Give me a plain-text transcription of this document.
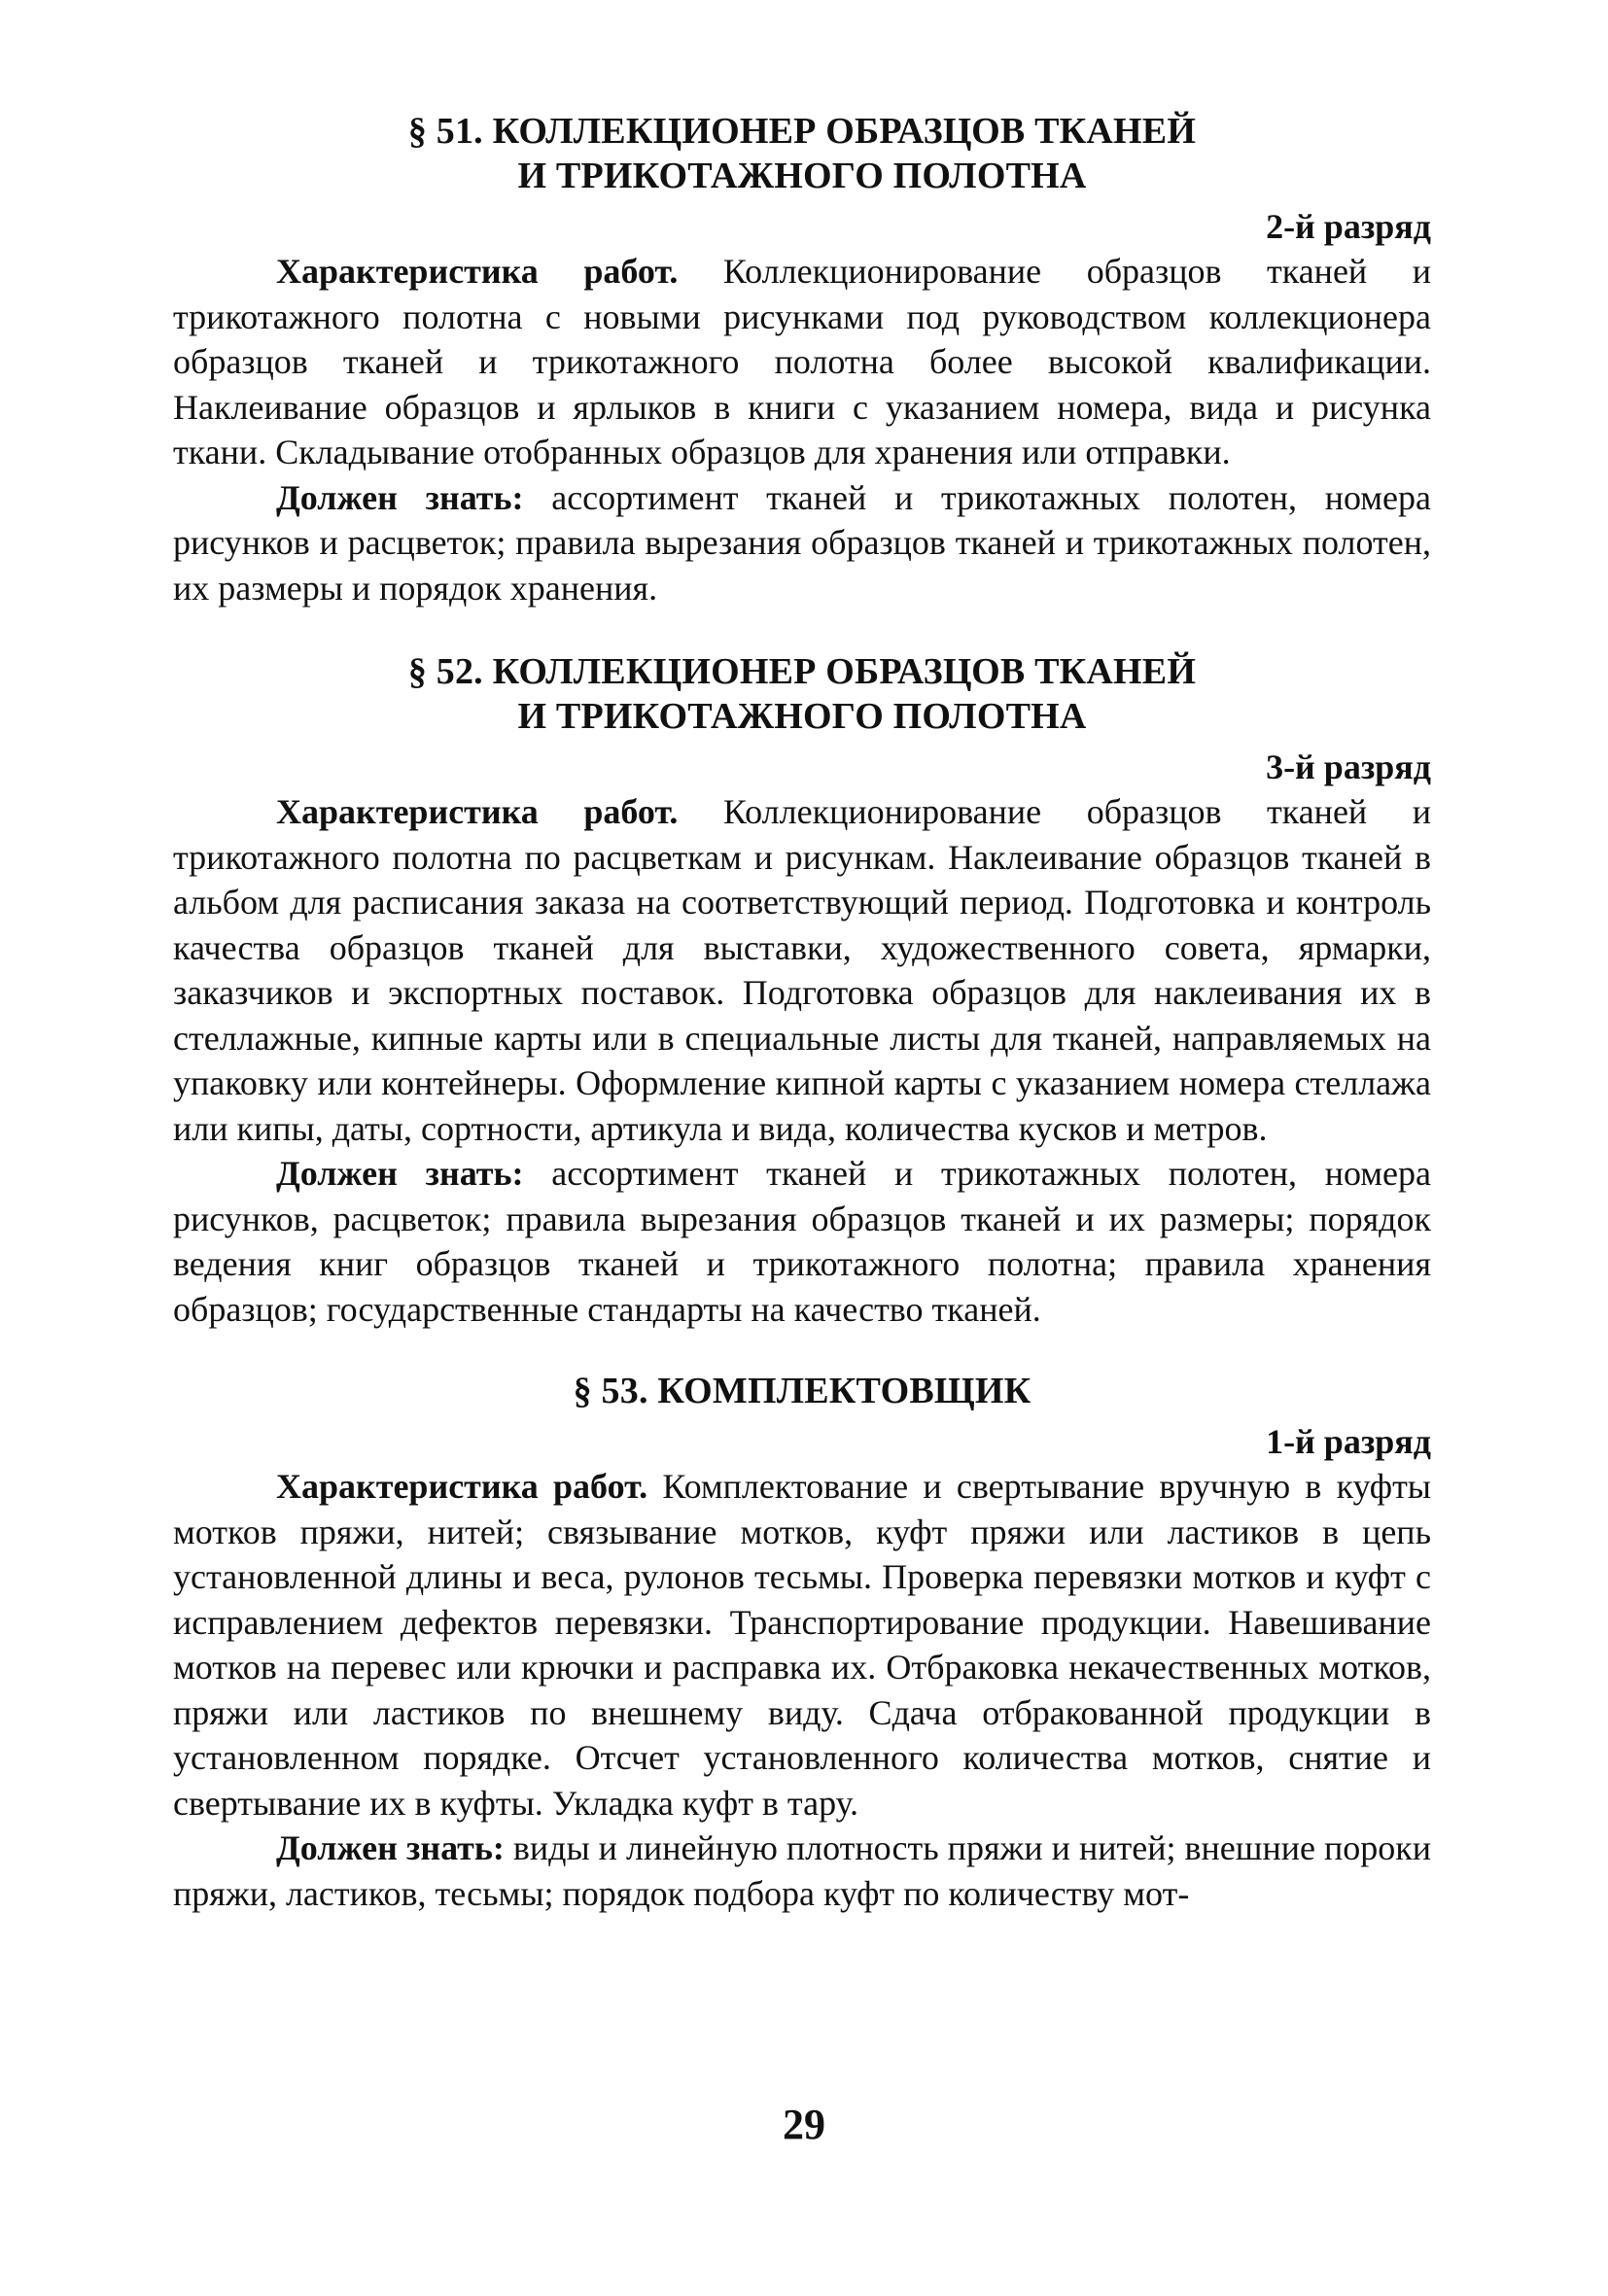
§ 51. КОЛЛЕКЦИОНЕР ОБРАЗЦОВ ТКАНЕЙ
И ТРИКОТАЖНОГО ПОЛОТНА

2-й разряд

Характеристика работ. Коллекционирование образцов тканей и трикотажного полотна с новыми рисунками под руководством коллекционера образцов тканей и трикотажного полотна более высокой квалификации. Наклеивание образцов и ярлыков в книги с указанием номера, вида и рисунка ткани. Складывание отобранных образцов для хранения или отправки.

Должен знать: ассортимент тканей и трикотажных полотен, номера рисунков и расцветок; правила вырезания образцов тканей и трикотажных полотен, их размеры и порядок хранения.

§ 52. КОЛЛЕКЦИОНЕР ОБРАЗЦОВ ТКАНЕЙ
И ТРИКОТАЖНОГО ПОЛОТНА

3-й разряд

Характеристика работ. Коллекционирование образцов тканей и трикотажного полотна по расцветкам и рисункам. Наклеивание образцов тканей в альбом для расписания заказа на соответствующий период. Подготовка и контроль качества образцов тканей для выставки, художественного совета, ярмарки, заказчиков и экспортных поставок. Подготовка образцов для наклеивания их в стеллажные, кипные карты или в специальные листы для тканей, направляемых на упаковку или контейнеры. Оформление кипной карты с указанием номера стеллажа или кипы, даты, сортности, артикула и вида, количества кусков и метров.

Должен знать: ассортимент тканей и трикотажных полотен, номера рисунков, расцветок; правила вырезания образцов тканей и их размеры; порядок ведения книг образцов тканей и трикотажного полотна; правила хранения образцов; государственные стандарты на качество тканей.

§ 53. КОМПЛЕКТОВЩИК

1-й разряд

Характеристика работ. Комплектование и свертывание вручную в куфты мотков пряжи, нитей; связывание мотков, куфт пряжи или ластиков в цепь установленной длины и веса, рулонов тесьмы. Проверка перевязки мотков и куфт с исправлением дефектов перевязки. Транспортирование продукции. Навешивание мотков на перевес или крючки и расправка их. Отбраковка некачественных мотков, пряжи или ластиков по внешнему виду. Сдача отбракованной продукции в установленном порядке. Отсчет установленного количества мотков, снятие и свертывание их в куфты. Укладка куфт в тару.

Должен знать: виды и линейную плотность пряжи и нитей; внешние пороки пряжи, ластиков, тесьмы; порядок подбора куфт по количеству мот-

29
